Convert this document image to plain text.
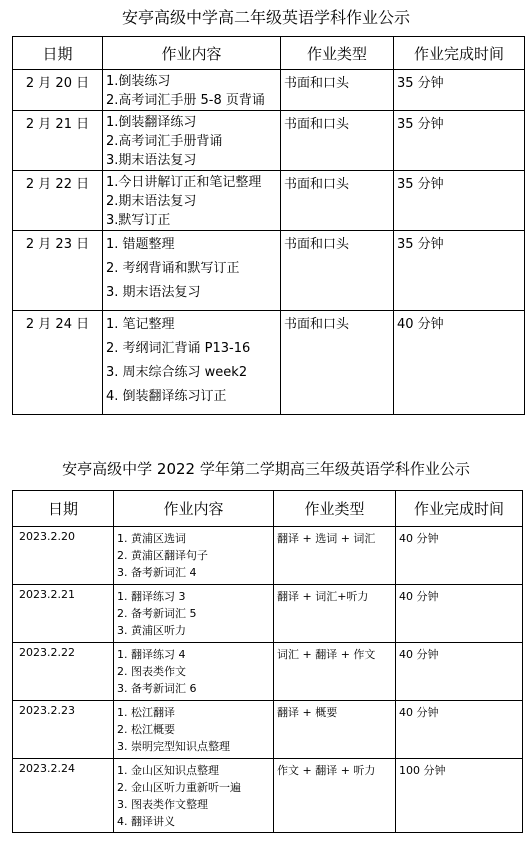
安亭高级中学高二年级英语学科作业公示
日期	作业内容	作业类型	作业完成时间
2 月 20 日	1.倒装练习
2.高考词汇手册 5-8 页背诵	书面和口头	35 分钟
2 月 21 日	1.倒装翻译练习
2.高考词汇手册背诵
3.期末语法复习	书面和口头	35 分钟
2 月 22 日	1.今日讲解订正和笔记整理
2.期末语法复习
3.默写订正	书面和口头	35 分钟
2 月 23 日	1. 错题整理
2. 考纲背诵和默写订正
3. 期末语法复习	书面和口头	35 分钟
2 月 24 日	1. 笔记整理
2. 考纲词汇背诵 P13-16
3. 周末综合练习 week2
4. 倒装翻译练习订正	书面和口头	40 分钟
安亭高级中学 2022 学年第二学期高三年级英语学科作业公示
日期	作业内容	作业类型	作业完成时间
2023.2.20	1. 黄浦区选词
2. 黄浦区翻译句子
3. 备考新词汇 4	翻译 + 选词 + 词汇	40 分钟
2023.2.21	1. 翻译练习 3
2. 备考新词汇 5
3. 黄浦区听力	翻译 + 词汇+听力	40 分钟
2023.2.22	1. 翻译练习 4
2. 图表类作文
3. 备考新词汇 6	词汇 + 翻译 + 作文	40 分钟
2023.2.23	1. 松江翻译
2. 松江概要
3. 崇明完型知识点整理	翻译 + 概要	40 分钟
2023.2.24	1. 金山区知识点整理
2. 金山区听力重新听一遍
3. 图表类作文整理
4. 翻译讲义	作文 + 翻译 + 听力	100 分钟
